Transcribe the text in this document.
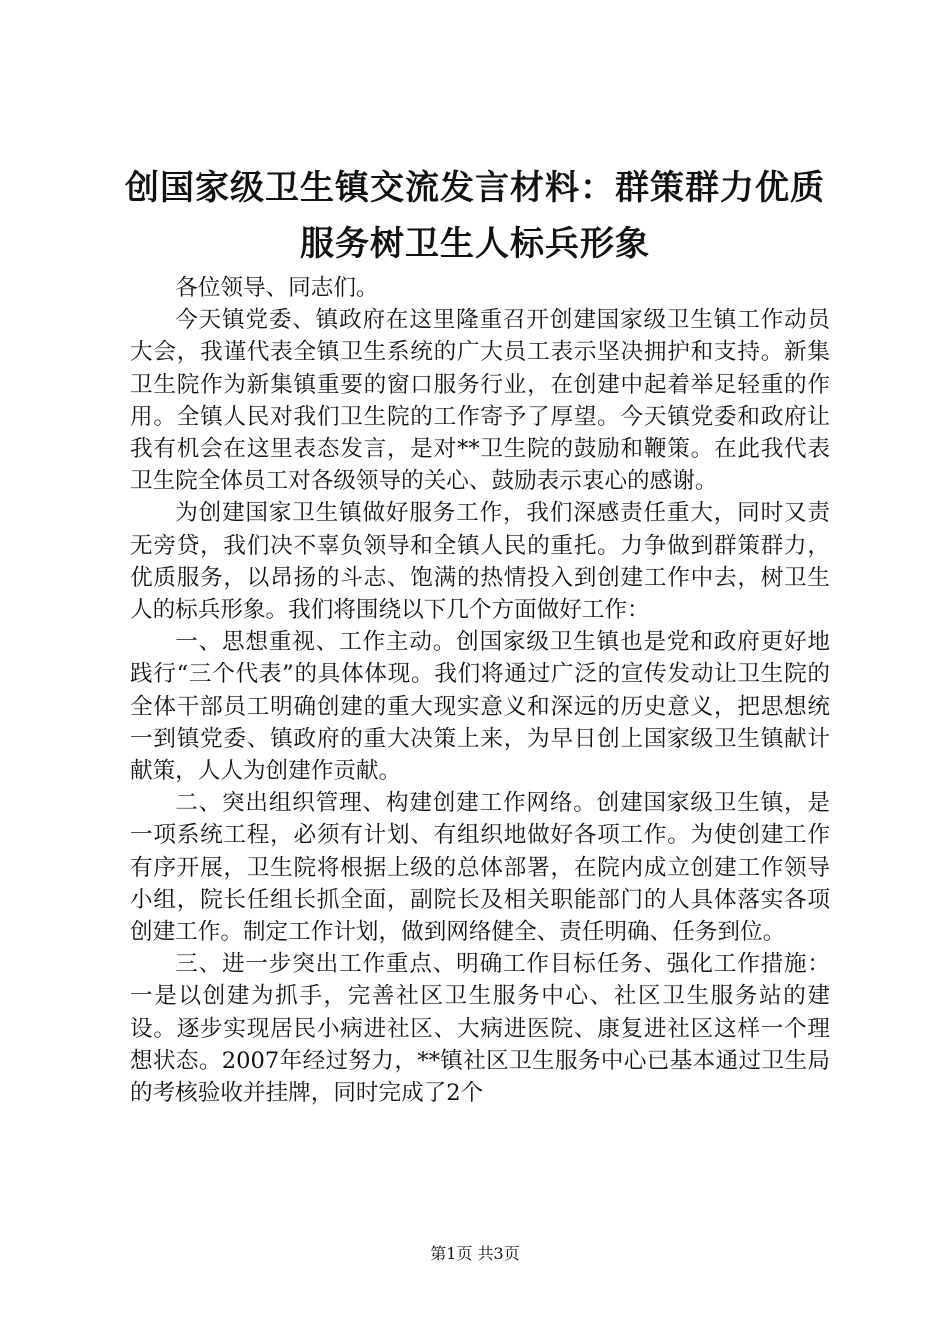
创国家级卫生镇交流发言材料：群策群力优质
服务树卫生人标兵形象

各位领导、同志们。

今天镇党委、镇政府在这里隆重召开创建国家级卫生镇工作动员大会，我谨代表全镇卫生系统的广大员工表示坚决拥护和支持。新集卫生院作为新集镇重要的窗口服务行业，在创建中起着举足轻重的作用。全镇人民对我们卫生院的工作寄予了厚望。今天镇党委和政府让我有机会在这里表态发言，是对**卫生院的鼓励和鞭策。在此我代表卫生院全体员工对各级领导的关心、鼓励表示衷心的感谢。

为创建国家卫生镇做好服务工作，我们深感责任重大，同时又责无旁贷，我们决不辜负领导和全镇人民的重托。力争做到群策群力，优质服务，以昂扬的斗志、饱满的热情投入到创建工作中去，树卫生人的标兵形象。我们将围绕以下几个方面做好工作：

一、思想重视、工作主动。创国家级卫生镇也是党和政府更好地践行“三个代表”的具体体现。我们将通过广泛的宣传发动让卫生院的全体干部员工明确创建的重大现实意义和深远的历史意义，把思想统一到镇党委、镇政府的重大决策上来，为早日创上国家级卫生镇献计献策，人人为创建作贡献。

二、突出组织管理、构建创建工作网络。创建国家级卫生镇，是一项系统工程，必须有计划、有组织地做好各项工作。为使创建工作有序开展，卫生院将根据上级的总体部署，在院内成立创建工作领导小组，院长任组长抓全面，副院长及相关职能部门的人具体落实各项创建工作。制定工作计划，做到网络健全、责任明确、任务到位。

三、进一步突出工作重点、明确工作目标任务、强化工作措施：一是以创建为抓手，完善社区卫生服务中心、社区卫生服务站的建设。逐步实现居民小病进社区、大病进医院、康复进社区这样一个理想状态。2007年经过努力，**镇社区卫生服务中心已基本通过卫生局的考核验收并挂牌，同时完成了2个

第1页 共3页
